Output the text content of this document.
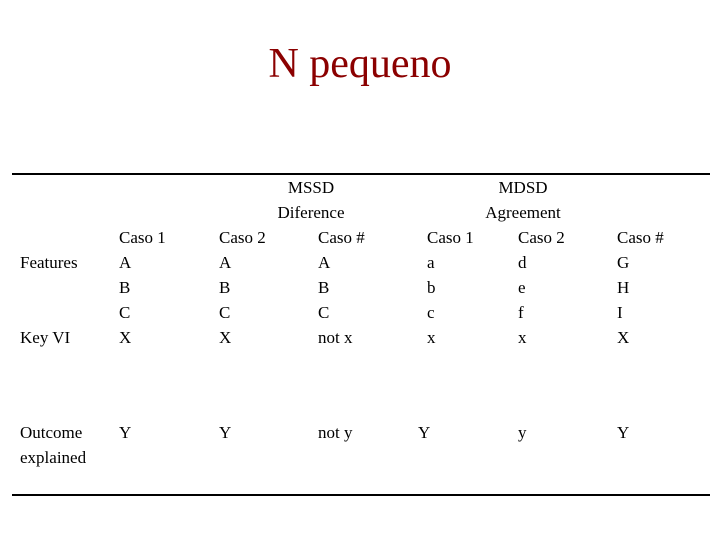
N pequeno
MSSD
Diference
MDSD
Agreement
Features
Key VI
Outcome
explained
Caso 1
A
B
C
X
Y
Caso 2
A
B
C
X
Y
Caso #
A
B
C
not x
not y
Caso 1
a
b
c
x
Y
Caso 2
d
e
f
x
y
Caso #
G
H
I
X
Y
